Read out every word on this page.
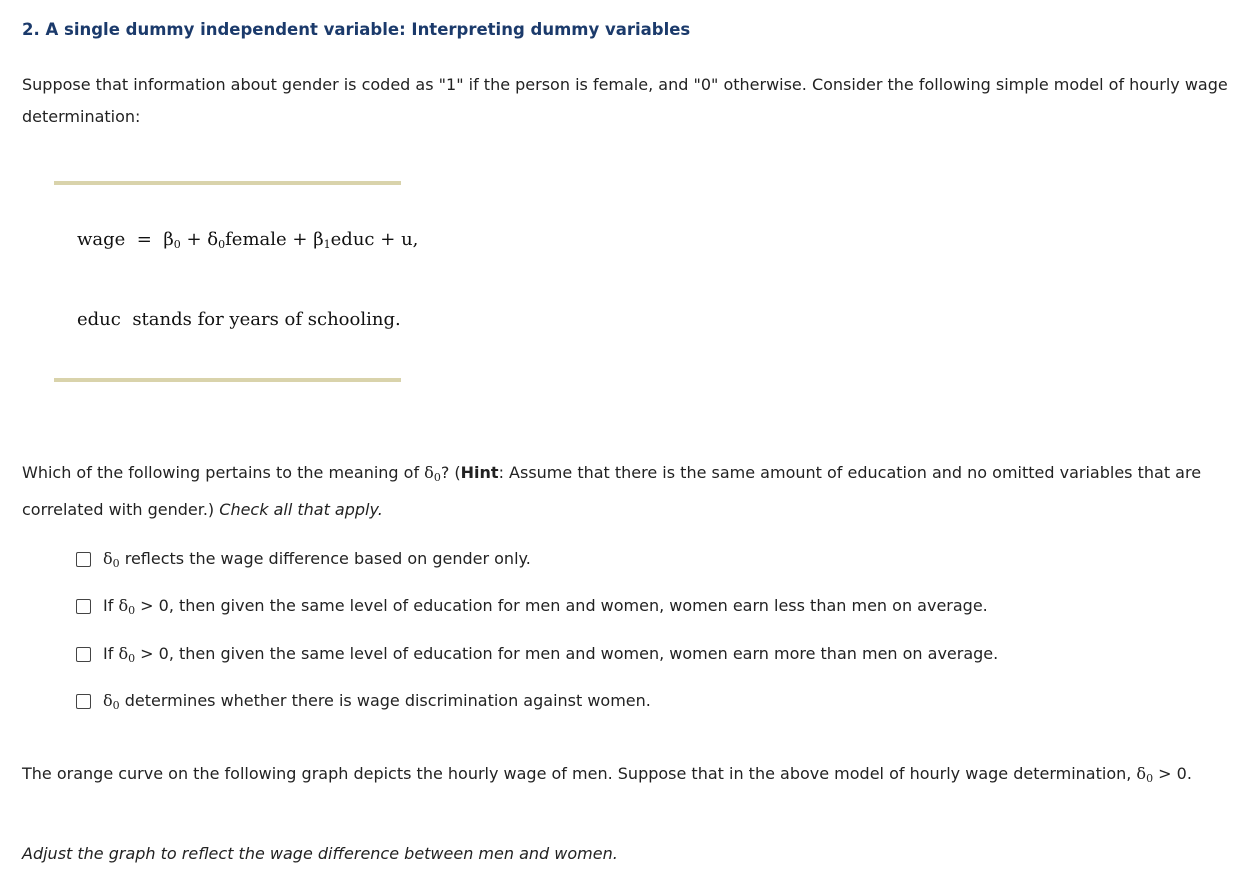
2. A single dummy independent variable: Interpreting dummy variables
Suppose that information about gender is coded as "1" if the person is female, and "0" otherwise. Consider the following simple model of hourly wage
determination:
wage = $\beta_0$ + $\delta_0female$ + $\beta_1educ + u$,
educ stands for years of schooling.
Which of the following pertains to the meaning of $\delta_0$? (Hint: Assume that there is the same amount of education and no omitted variables that are
correlated with gender.) Check all that apply.
$\delta_0$ reflects the wage difference based on gender only.
If $\delta_0 > 0$, then given the same level of education for men and women, women earn less than men on average.
If $\delta_0 > 0$, then given the same level of education for men and women, women earn more than men on average.
$\delta_0$ determines whether there is wage discrimination against women.
The orange curve on the following graph depicts the hourly wage of men. Suppose that in the above model of hourly wage determination, $\delta_0 > 0$.
Adjust the graph to reflect the wage difference between men and women.
